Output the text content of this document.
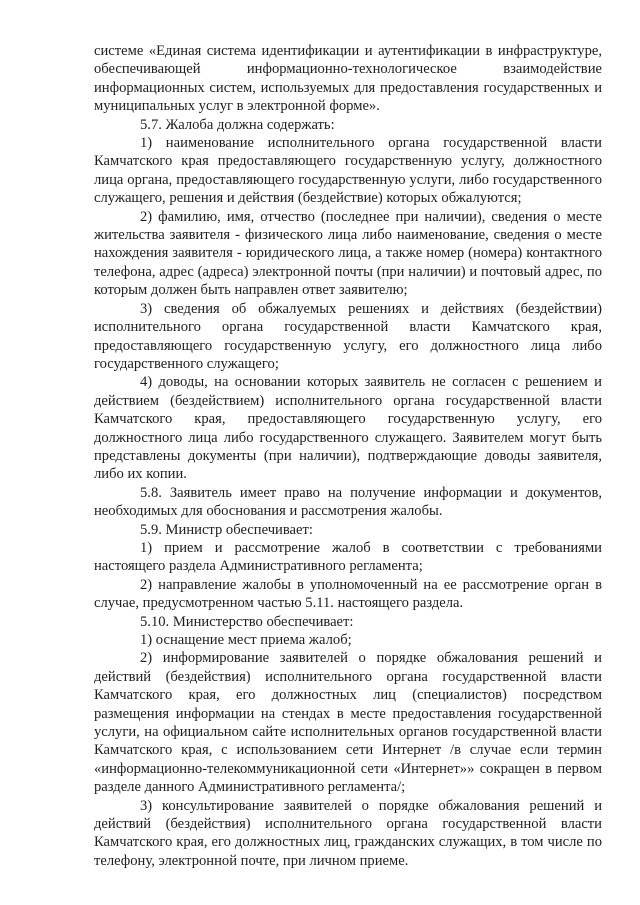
системе «Единая система идентификации и аутентификации в инфраструктуре, обеспечивающей информационно-технологическое взаимодействие информационных систем, используемых для предоставления государственных и муниципальных услуг в электронной форме».

5.7. Жалоба должна содержать:

1) наименование исполнительного органа государственной власти Камчатского края предоставляющего государственную услугу, должностного лица органа, предоставляющего государственную услуги, либо государственного служащего, решения и действия (бездействие) которых обжалуются;

2) фамилию, имя, отчество (последнее при наличии), сведения о месте жительства заявителя - физического лица либо наименование, сведения о месте нахождения заявителя - юридического лица, а также номер (номера) контактного телефона, адрес (адреса) электронной почты (при наличии) и почтовый адрес, по которым должен быть направлен ответ заявителю;

3) сведения об обжалуемых решениях и действиях (бездействии) исполнительного органа государственной власти Камчатского края, предоставляющего государственную услугу, его должностного лица либо государственного служащего;

4) доводы, на основании которых заявитель не согласен с решением и действием (бездействием) исполнительного органа государственной власти Камчатского края, предоставляющего государственную услугу, его должностного лица либо государственного служащего. Заявителем могут быть представлены документы (при наличии), подтверждающие доводы заявителя, либо их копии.

5.8. Заявитель имеет право на получение информации и документов, необходимых для обоснования и рассмотрения жалобы.

5.9. Министр обеспечивает:

1) прием и рассмотрение жалоб в соответствии с требованиями настоящего раздела Административного регламента;

2) направление жалобы в уполномоченный на ее рассмотрение орган в случае, предусмотренном частью 5.11. настоящего раздела.

5.10. Министерство обеспечивает:

1) оснащение мест приема жалоб;

2) информирование заявителей о порядке обжалования решений и действий (бездействия) исполнительного органа государственной власти Камчатского края, его должностных лиц (специалистов) посредством размещения информации на стендах в месте предоставления государственной услуги, на официальном сайте исполнительных органов государственной власти Камчатского края, с использованием сети Интернет /в случае если термин «информационно-телекоммуникационной сети «Интернет»» сокращен в первом разделе данного Административного регламента/;

3) консультирование заявителей о порядке обжалования решений и действий (бездействия) исполнительного органа государственной власти Камчатского края, его должностных лиц, гражданских служащих, в том числе по телефону, электронной почте, при личном приеме.
